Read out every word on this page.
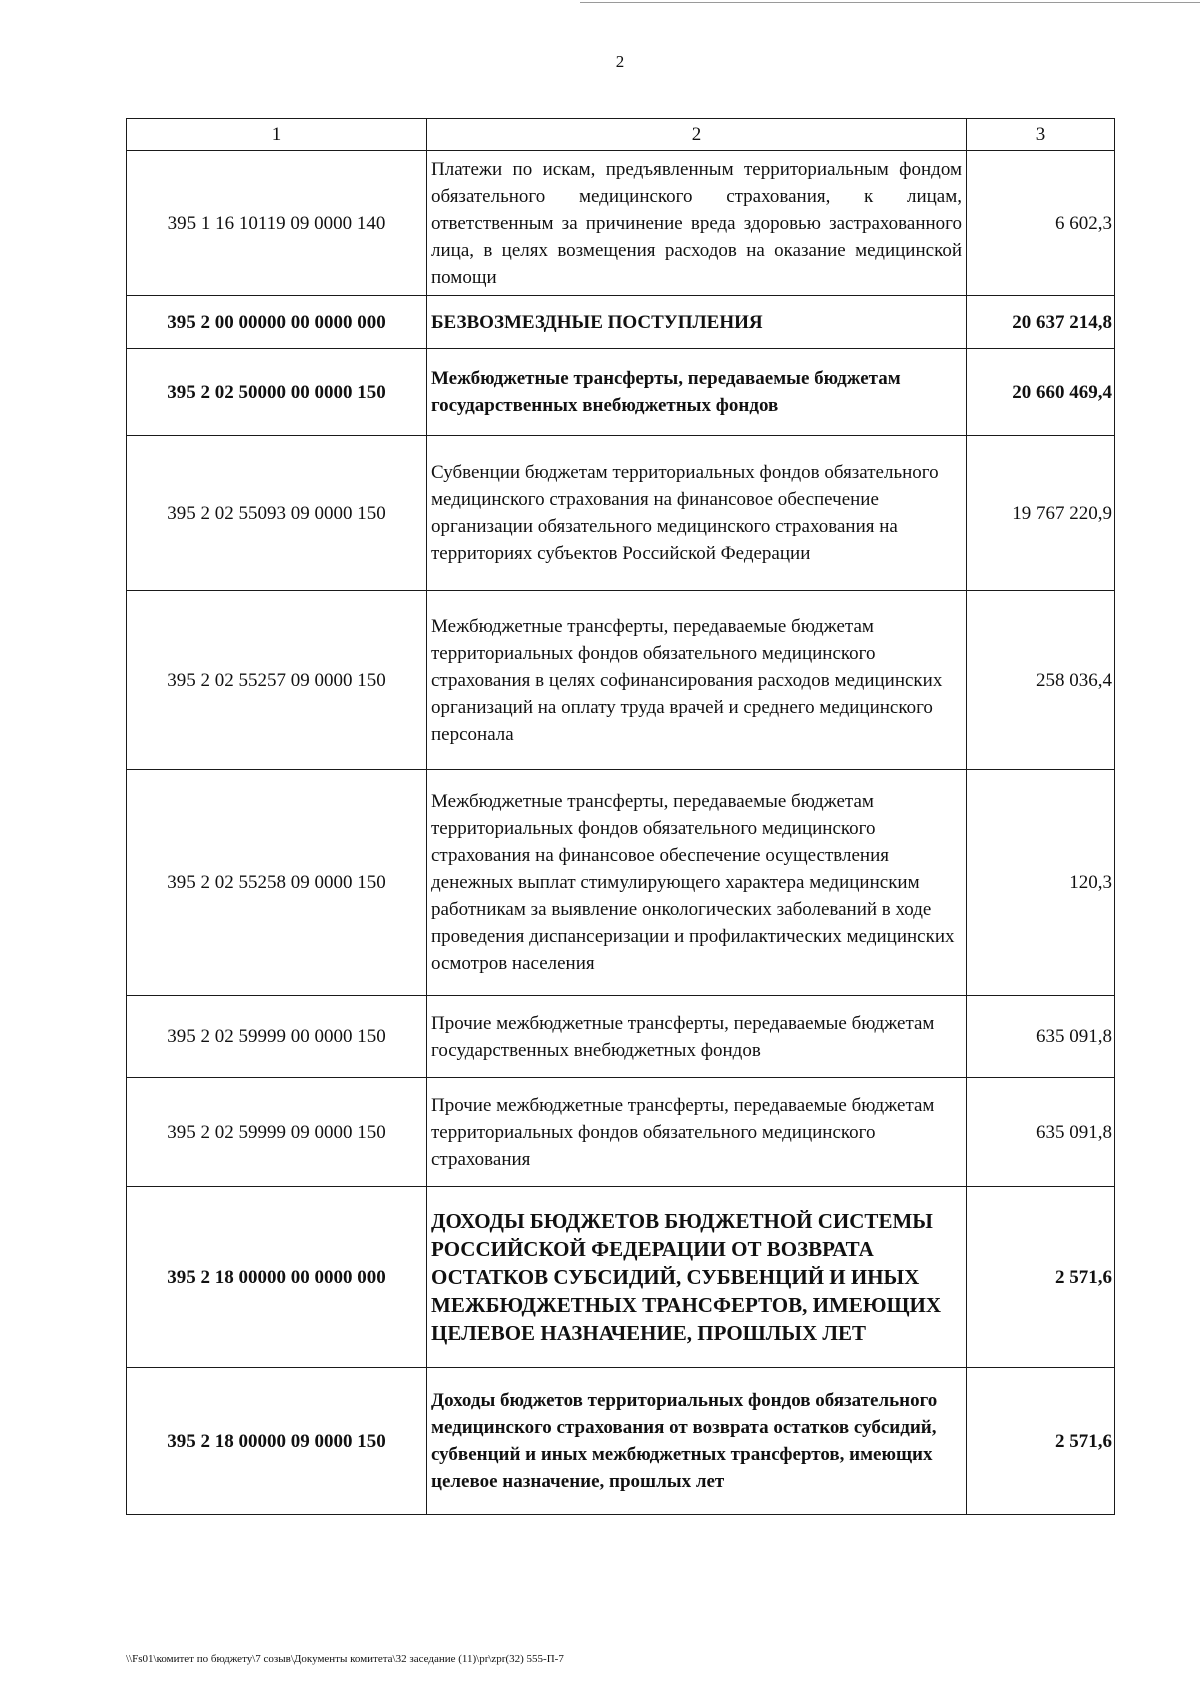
2
1	2	3
395 1 16 10119 09 0000 140	Платежи по искам, предъявленным территориальным фондом обязательного медицинского страхования, к лицам, ответственным за причинение вреда здоровью застрахованного лица, в целях возмещения расходов на оказание медицинской помощи	6 602,3
395 2 00 00000 00 0000 000	БЕЗВОЗМЕЗДНЫЕ ПОСТУПЛЕНИЯ	20 637 214,8
395 2 02 50000 00 0000 150	Межбюджетные трансферты, передаваемые бюджетам государственных внебюджетных фондов	20 660 469,4
395 2 02 55093 09 0000 150	Субвенции бюджетам территориальных фондов обязательного медицинского страхования на финансовое обеспечение организации обязательного медицинского страхования на территориях субъектов Российской Федерации	19 767 220,9
395 2 02 55257 09 0000 150	Межбюджетные трансферты, передаваемые бюджетам территориальных фондов обязательного медицинского страхования в целях софинансирования расходов медицинских организаций на оплату труда врачей и среднего медицинского персонала	258 036,4
395 2 02 55258 09 0000 150	Межбюджетные трансферты, передаваемые бюджетам территориальных фондов обязательного медицинского страхования на финансовое обеспечение осуществления денежных выплат стимулирующего характера медицинским работникам за выявление онкологических заболеваний в ходе проведения диспансеризации и профилактических медицинских осмотров населения	120,3
395 2 02 59999 00 0000 150	Прочие межбюджетные трансферты, передаваемые бюджетам государственных внебюджетных фондов	635 091,8
395 2 02 59999 09 0000 150	Прочие межбюджетные трансферты, передаваемые бюджетам территориальных фондов обязательного медицинского страхования	635 091,8
395 2 18 00000 00 0000 000	ДОХОДЫ БЮДЖЕТОВ БЮДЖЕТНОЙ СИСТЕМЫ РОССИЙСКОЙ ФЕДЕРАЦИИ ОТ ВОЗВРАТА ОСТАТКОВ СУБСИДИЙ, СУБВЕНЦИЙ И ИНЫХ МЕЖБЮДЖЕТНЫХ ТРАНСФЕРТОВ, ИМЕЮЩИХ ЦЕЛЕВОЕ НАЗНАЧЕНИЕ, ПРОШЛЫХ ЛЕТ	2 571,6
395 2 18 00000 09 0000 150	Доходы бюджетов территориальных фондов обязательного медицинского страхования от возврата остатков субсидий, субвенций и иных межбюджетных трансфертов, имеющих целевое назначение, прошлых лет	2 571,6
\\Fs01\комитет по бюджету\7 созыв\Документы комитета\32 заседание (11)\pr\zpr(32) 555-П-7
